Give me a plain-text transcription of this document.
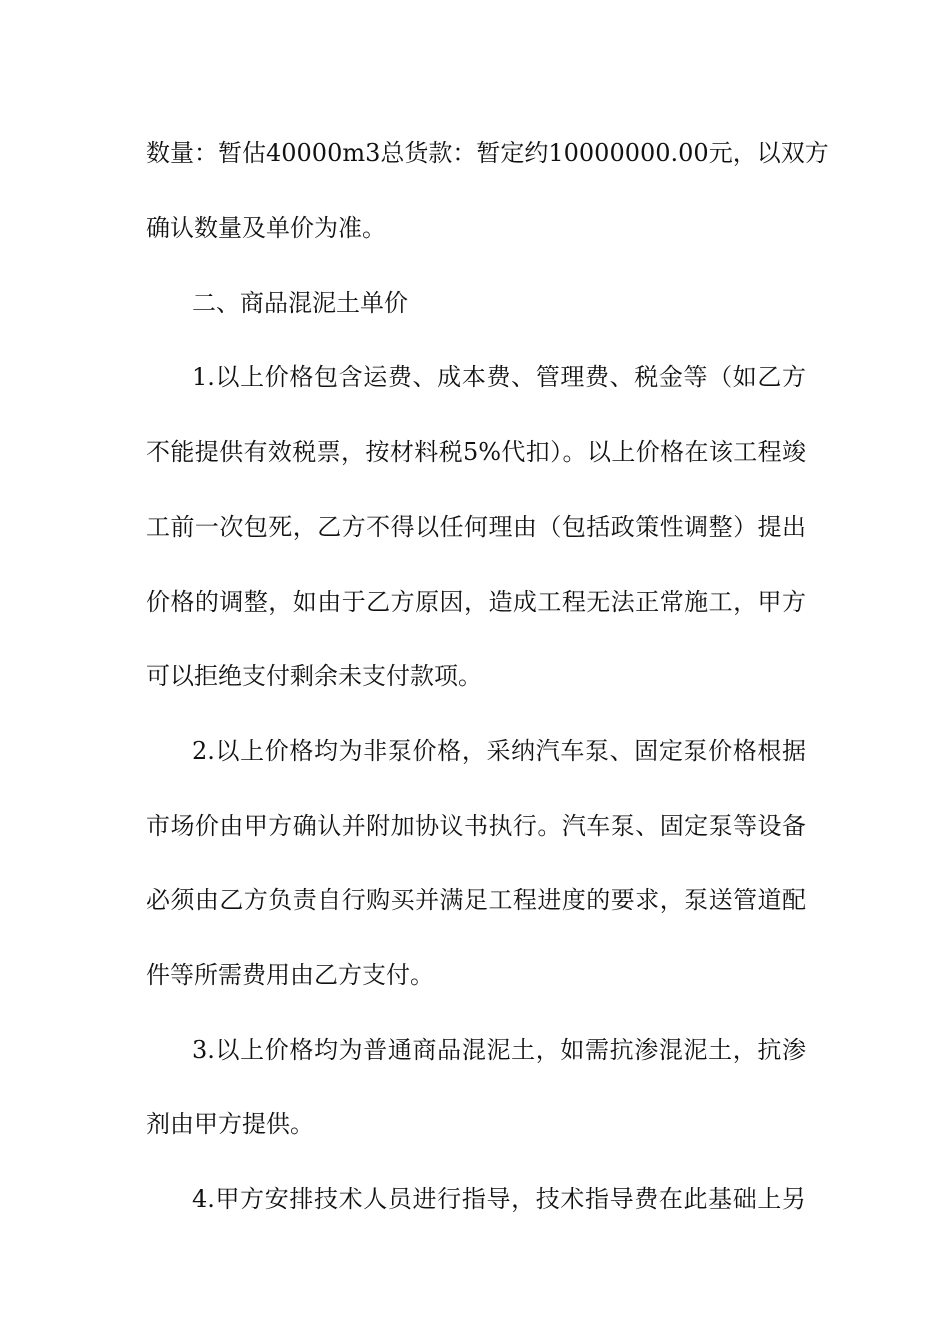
数量：暂估40000m3总货款：暂定约10000000.00元，以双方
确认数量及单价为准。
二、商品混泥土单价
1.以上价格包含运费、成本费、管理费、税金等（如乙方
不能提供有效税票，按材料税5%代扣）。以上价格在该工程竣
工前一次包死，乙方不得以任何理由（包括政策性调整）提出
价格的调整，如由于乙方原因，造成工程无法正常施工，甲方
可以拒绝支付剩余未支付款项。
2.以上价格均为非泵价格，采纳汽车泵、固定泵价格根据
市场价由甲方确认并附加协议书执行。汽车泵、固定泵等设备
必须由乙方负责自行购买并满足工程进度的要求，泵送管道配
件等所需费用由乙方支付。
3.以上价格均为普通商品混泥土，如需抗渗混泥土，抗渗
剂由甲方提供。
4.甲方安排技术人员进行指导，技术指导费在此基础上另
